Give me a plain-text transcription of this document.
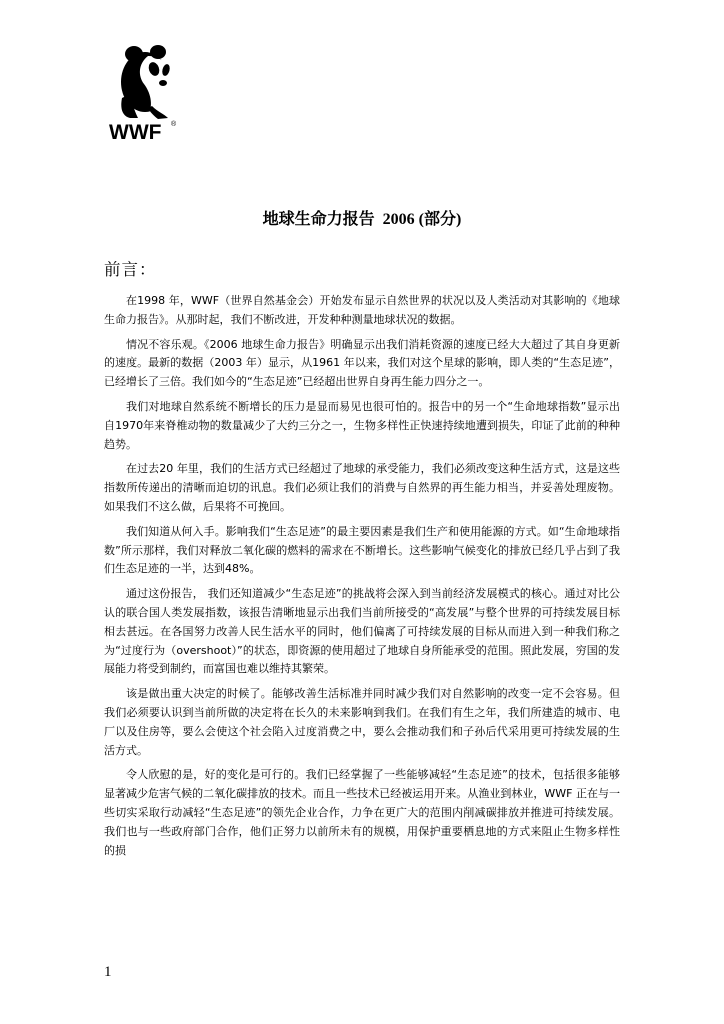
WWF ®
地球生命力报告 2006 (部分)
前言：

在1998 年，WWF（世界自然基金会）开始发布显示自然世界的状况以及人类活动对其影响的《地球生命力报告》。从那时起，我们不断改进，开发种种测量地球状况的数据。

情况不容乐观。《2006 地球生命力报告》明确显示出我们消耗资源的速度已经大大超过了其自身更新的速度。最新的数据（2003 年）显示，从1961 年以来，我们对这个星球的影响，即人类的“生态足迹”，已经增长了三倍。我们如今的“生态足迹”已经超出世界自身再生能力四分之一。

我们对地球自然系统不断增长的压力是显而易见也很可怕的。报告中的另一个“生命地球指数”显示出自1970年来脊椎动物的数量减少了大约三分之一，生物多样性正快速持续地遭到损失，印证了此前的种种趋势。

在过去20 年里，我们的生活方式已经超过了地球的承受能力，我们必须改变这种生活方式，这是这些指数所传递出的清晰而迫切的讯息。我们必须让我们的消费与自然界的再生能力相当，并妥善处理废物。如果我们不这么做，后果将不可挽回。

我们知道从何入手。影响我们“生态足迹”的最主要因素是我们生产和使用能源的方式。如“生命地球指数”所示那样，我们对释放二氧化碳的燃料的需求在不断增长。这些影响气候变化的排放已经几乎占到了我们生态足迹的一半，达到48%。

通过这份报告， 我们还知道减少“生态足迹”的挑战将会深入到当前经济发展模式的核心。通过对比公认的联合国人类发展指数，该报告清晰地显示出我们当前所接受的“高发展”与整个世界的可持续发展目标相去甚远。在各国努力改善人民生活水平的同时，他们偏离了可持续发展的目标从而进入到一种我们称之为“过度行为（overshoot）”的状态，即资源的使用超过了地球自身所能承受的范围。照此发展，穷国的发展能力将受到制约，而富国也难以维持其繁荣。

该是做出重大决定的时候了。能够改善生活标准并同时减少我们对自然影响的改变一定不会容易。但我们必须要认识到当前所做的决定将在长久的未来影响到我们。在我们有生之年，我们所建造的城市、电厂以及住房等，要么会使这个社会陷入过度消费之中，要么会推动我们和子孙后代采用更可持续发展的生活方式。

令人欣慰的是，好的变化是可行的。我们已经掌握了一些能够减轻“生态足迹”的技术，包括很多能够显著减少危害气候的二氧化碳排放的技术。而且一些技术已经被运用开来。从渔业到林业，WWF 正在与一些切实采取行动减轻“生态足迹”的领先企业合作，力争在更广大的范围内削减碳排放并推进可持续发展。我们也与一些政府部门合作，他们正努力以前所未有的规模，用保护重要栖息地的方式来阻止生物多样性的损

1
